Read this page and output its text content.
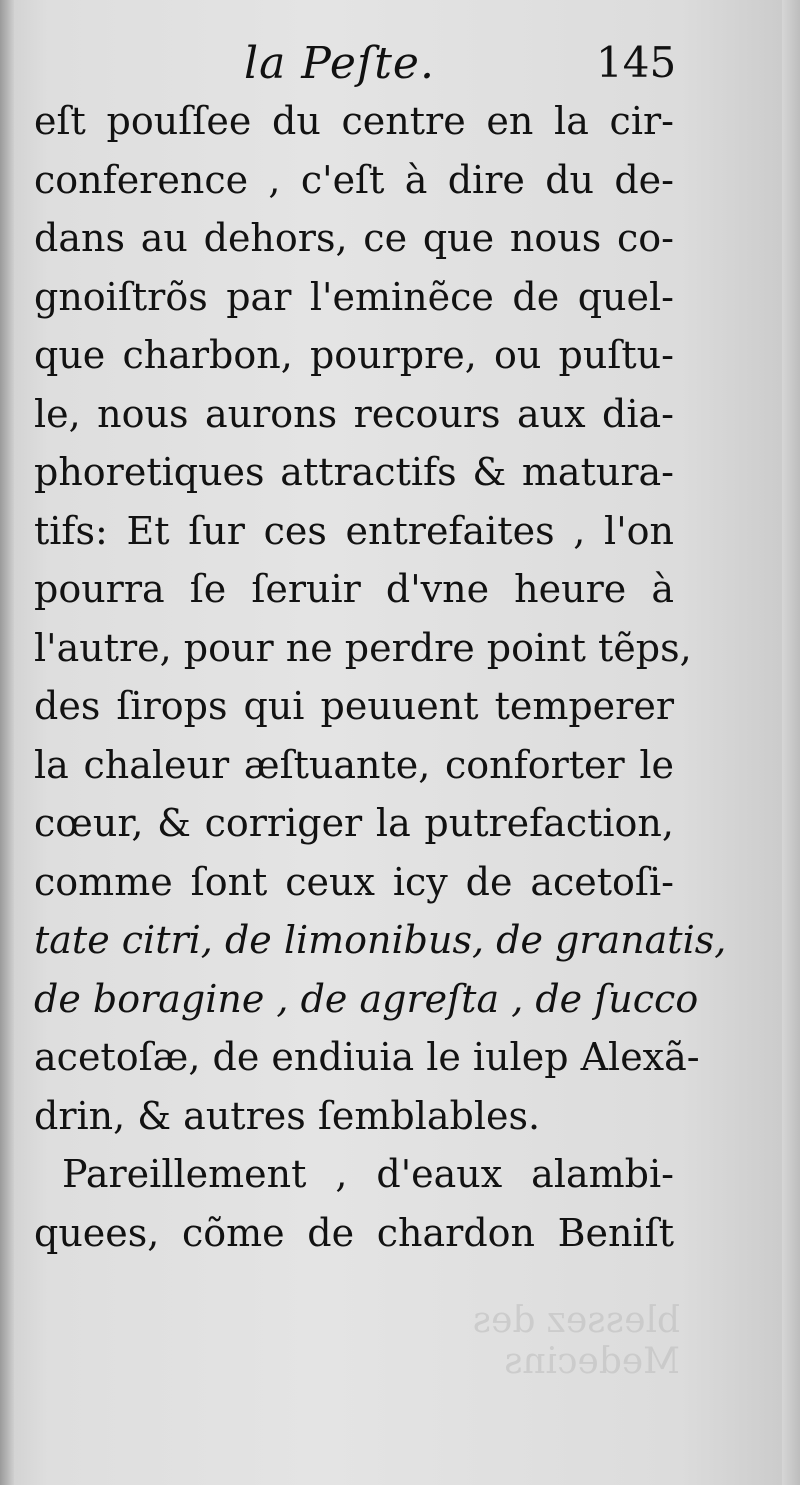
la Peſte.	145
eſt pouſſee du centre en la cir-
conference , c'eſt à dire du de-
dans au dehors, ce que nous co-
gnoiſtrõs par l'eminẽce de quel-
que charbon, pourpre, ou puſtu-
le, nous aurons recours aux dia-
phoretiques attractifs & matura-
tifs: Et ſur ces entrefaites , l'on
pourra ſe ſeruir d'vne heure à
l'autre, pour ne perdre point tẽps,
des ſirops qui peuuent temperer
la chaleur æſtuante, conforter le
cœur, & corriger la putrefaction,
comme ſont ceux icy de acetoſi-
tate citri, de limonibus, de granatis,
de boragine , de agreſta , de ſucco
acetoſæ, de endiuia le iulep Alexã-
drin, & autres ſemblables.
Pareillement , d'eaux alambi-
quees, cõme de chardon Beniſt
blessez des Medecins
